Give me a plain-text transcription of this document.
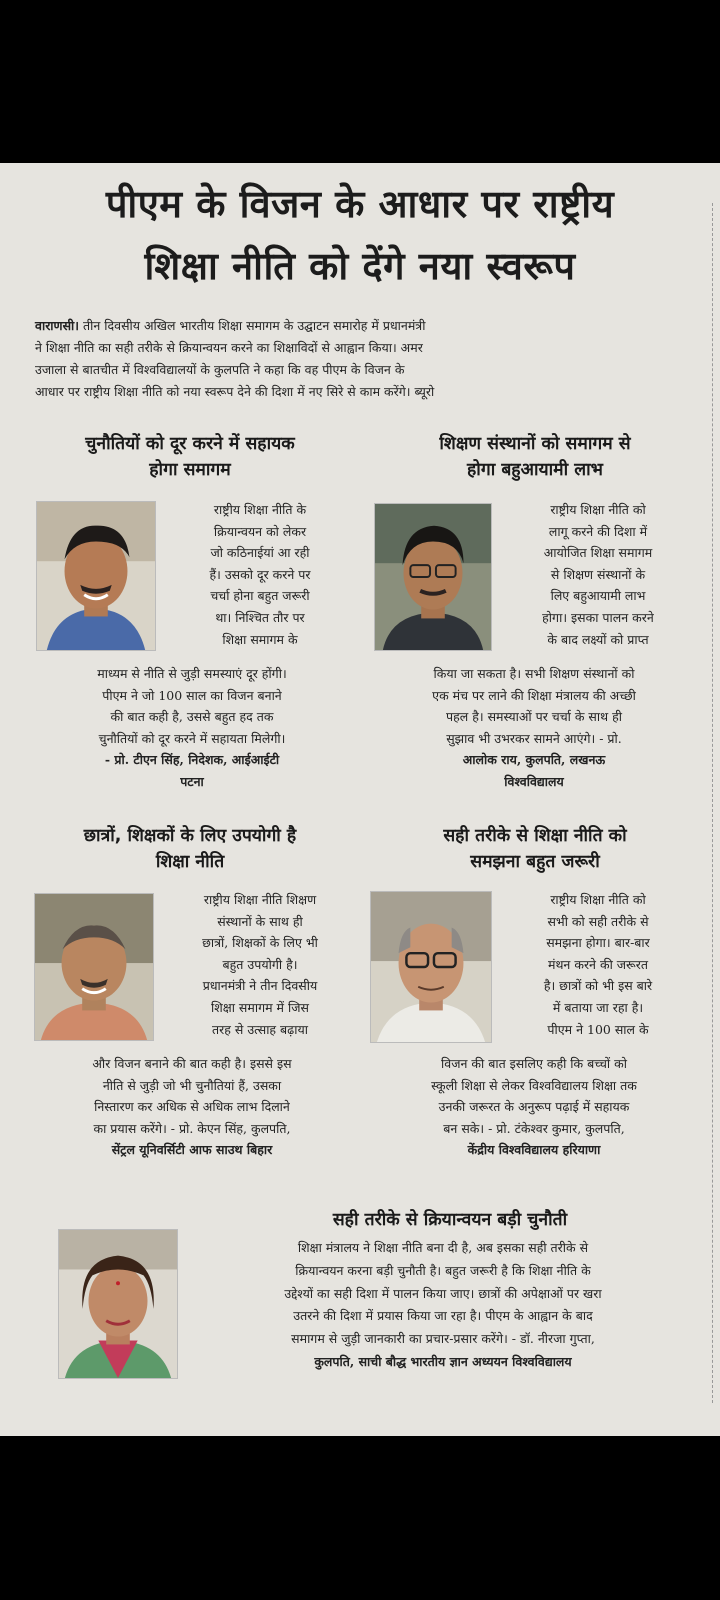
पीएम के विजन के आधार पर राष्ट्रीय
शिक्षा नीति को देंगे नया स्वरूप
वाराणसी। तीन दिवसीय अखिल भारतीय शिक्षा समागम के उद्घाटन समारोह में प्रधानमंत्री
ने शिक्षा नीति का सही तरीके से क्रियान्वयन करने का शिक्षाविदों से आह्वान किया। अमर
उजाला से बातचीत में विश्वविद्यालयों के कुलपति ने कहा कि वह पीएम के विजन के
आधार पर राष्ट्रीय शिक्षा नीति को नया स्वरूप देने की दिशा में नए सिरे से काम करेंगे। ब्यूरो
चुनौतियों को दूर करने में सहायक
होगा समागम
राष्ट्रीय शिक्षा नीति के
क्रियान्वयन को लेकर
जो कठिनाईयां आ रही
हैं। उसको दूर करने पर
चर्चा होना बहुत जरूरी
था। निश्चित तौर पर
शिक्षा समागम के
माध्यम से नीति से जुड़ी समस्याएं दूर होंगी।
पीएम ने जो 100 साल का विजन बनाने
की बात कही है, उससे बहुत हद तक
चुनौतियों को दूर करने में सहायता मिलेगी।
- प्रो. टीएन सिंह, निदेशक, आईआईटी
पटना
शिक्षण संस्थानों को समागम से
होगा बहुआयामी लाभ
राष्ट्रीय शिक्षा नीति को
लागू करने की दिशा में
आयोजित शिक्षा समागम
से शिक्षण संस्थानों के
लिए बहुआयामी लाभ
होगा। इसका पालन करने
के बाद लक्ष्यों को प्राप्त
किया जा सकता है। सभी शिक्षण संस्थानों को
एक मंच पर लाने की शिक्षा मंत्रालय की अच्छी
पहल है। समस्याओं पर चर्चा के साथ ही
सुझाव भी उभरकर सामने आएंगे। - प्रो.
आलोक राय, कुलपति, लखनऊ
विश्वविद्यालय
छात्रों, शिक्षकों के लिए उपयोगी है
शिक्षा नीति
राष्ट्रीय शिक्षा नीति शिक्षण
संस्थानों के साथ ही
छात्रों, शिक्षकों के लिए भी
बहुत उपयोगी है।
प्रधानमंत्री ने तीन दिवसीय
शिक्षा समागम में जिस
तरह से उत्साह बढ़ाया
और विजन बनाने की बात कही है। इससे इस
नीति से जुड़ी जो भी चुनौतियां हैं, उसका
निस्तारण कर अधिक से अधिक लाभ दिलाने
का प्रयास करेंगे। - प्रो. केएन सिंह, कुलपति,
सेंट्रल यूनिवर्सिटी आफ साउथ बिहार
सही तरीके से शिक्षा नीति को
समझना बहुत जरूरी
राष्ट्रीय शिक्षा नीति को
सभी को सही तरीके से
समझना होगा। बार-बार
मंथन करने की जरूरत
है। छात्रों को भी इस बारे
में बताया जा रहा है।
पीएम ने 100 साल के
विजन की बात इसलिए कही कि बच्चों को
स्कूली शिक्षा से लेकर विश्वविद्यालय शिक्षा तक
उनकी जरूरत के अनुरूप पढ़ाई में सहायक
बन सके। - प्रो. टंकेश्वर कुमार, कुलपति,
केंद्रीय विश्वविद्यालय हरियाणा
सही तरीके से क्रियान्वयन बड़ी चुनौती
शिक्षा मंत्रालय ने शिक्षा नीति बना दी है, अब इसका सही तरीके से
क्रियान्वयन करना बड़ी चुनौती है। बहुत जरूरी है कि शिक्षा नीति के
उद्देश्यों का सही दिशा में पालन किया जाए। छात्रों की अपेक्षाओं पर खरा
उतरने की दिशा में प्रयास किया जा रहा है। पीएम के आह्वान के बाद
समागम से जुड़ी जानकारी का प्रचार-प्रसार करेंगे। - डॉ. नीरजा गुप्ता,
कुलपति, साची बौद्ध भारतीय ज्ञान अध्ययन विश्वविद्यालय
